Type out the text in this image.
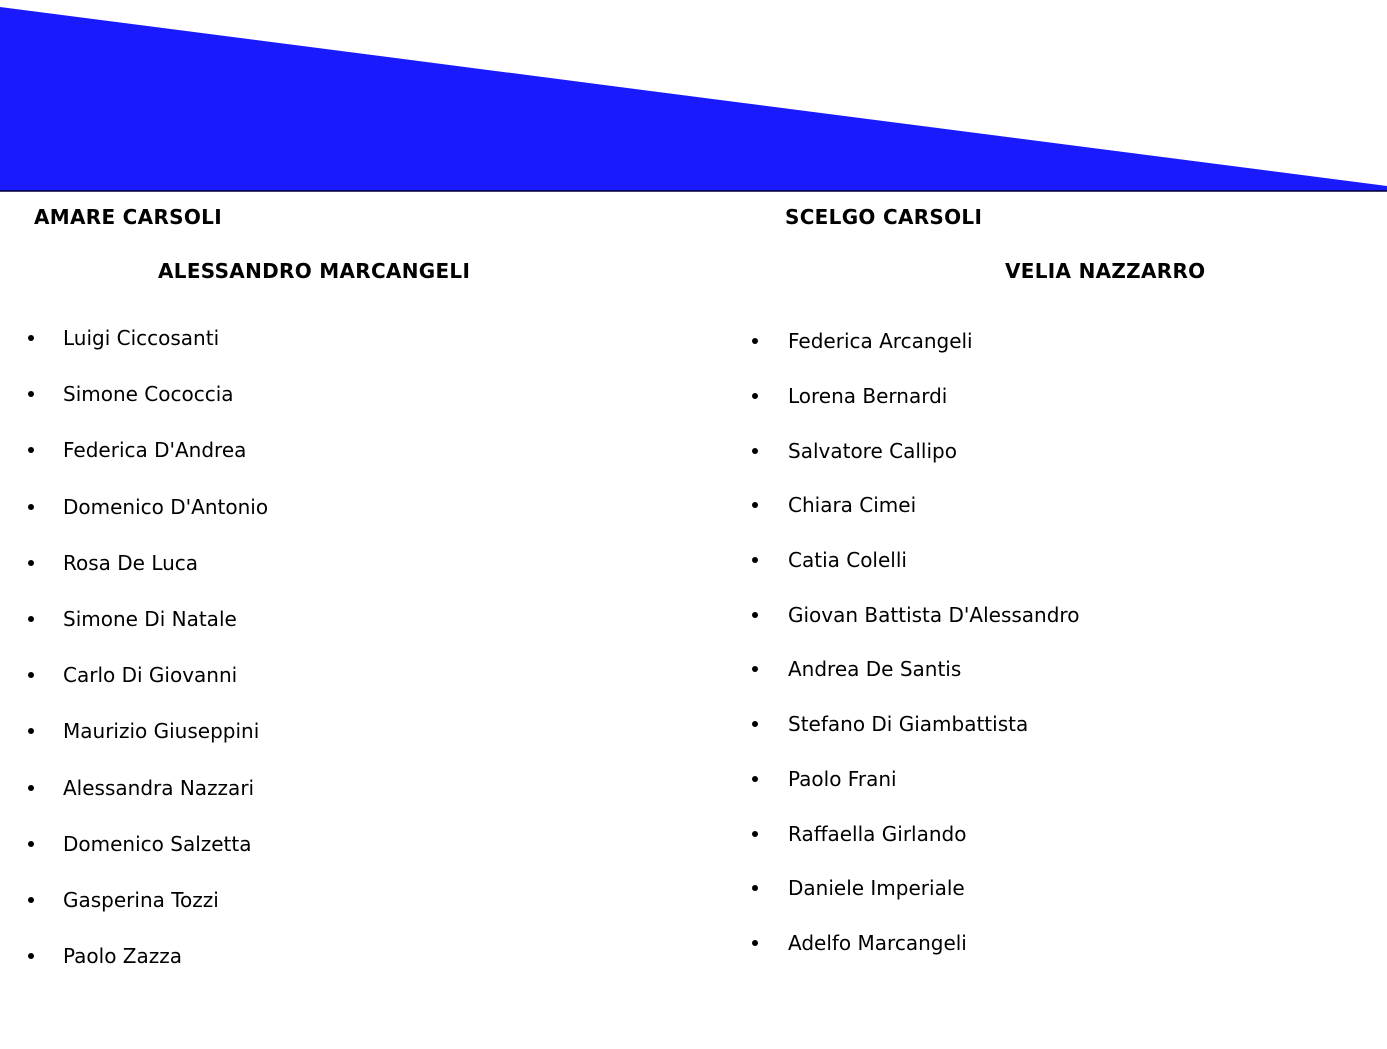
AMARE CARSOLI
ALESSANDRO MARCANGELI
Luigi Ciccosanti
Simone Cococcia
Federica D'Andrea
Domenico D'Antonio
Rosa De Luca
Simone Di Natale
Carlo Di Giovanni
Maurizio Giuseppini
Alessandra Nazzari
Domenico Salzetta
Gasperina Tozzi
Paolo Zazza
SCELGO CARSOLI
VELIA NAZZARRO
Federica Arcangeli
Lorena Bernardi
Salvatore Callipo
Chiara Cimei
Catia Colelli
Giovan Battista D'Alessandro
Andrea De Santis
Stefano Di Giambattista
Paolo Frani
Raffaella Girlando
Daniele Imperiale
Adelfo Marcangeli
